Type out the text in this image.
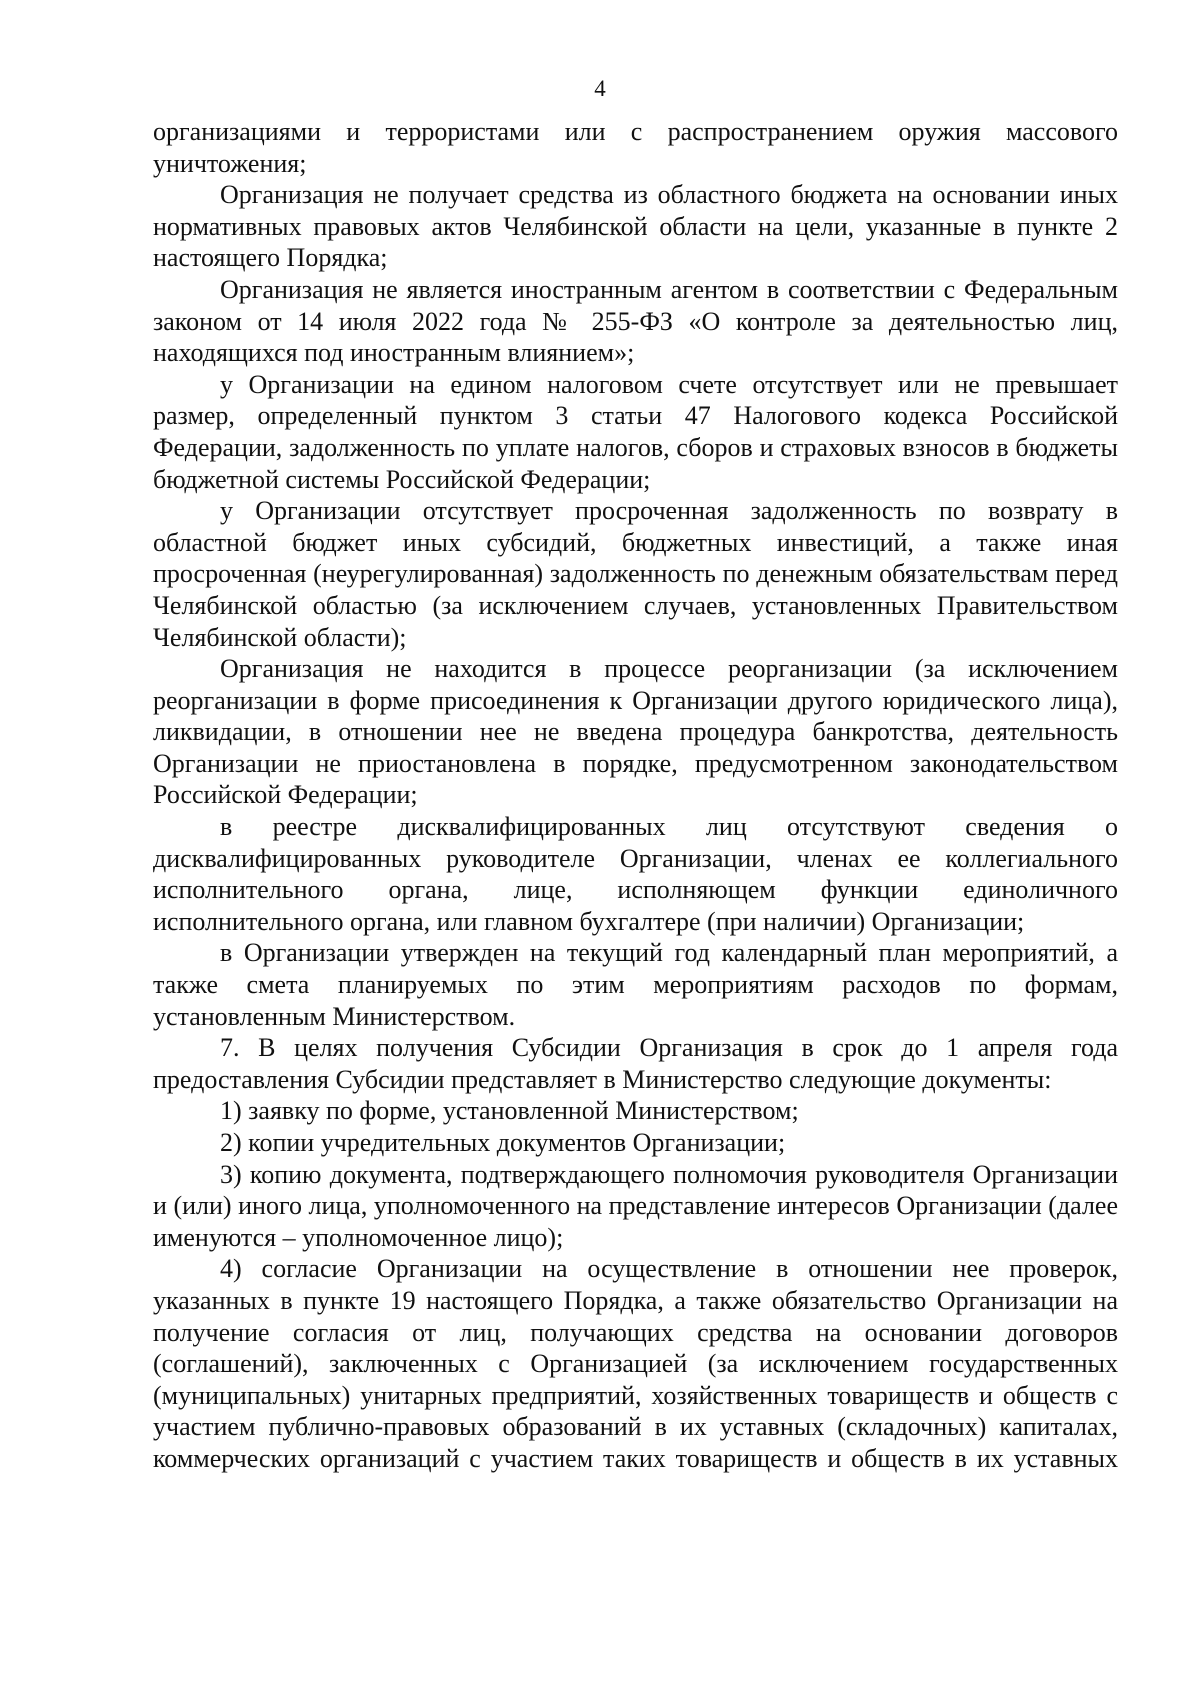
4

организациями и террористами или с распространением оружия массового уничтожения;

Организация не получает средства из областного бюджета на основании иных нормативных правовых актов Челябинской области на цели, указанные в пункте 2 настоящего Порядка;

Организация не является иностранным агентом в соответствии с Федеральным законом от 14 июля 2022 года № 255-ФЗ «О контроле за деятельностью лиц, находящихся под иностранным влиянием»;

у Организации на едином налоговом счете отсутствует или не превышает размер, определенный пунктом 3 статьи 47 Налогового кодекса Российской Федерации, задолженность по уплате налогов, сборов и страховых взносов в бюджеты бюджетной системы Российской Федерации;

у Организации отсутствует просроченная задолженность по возврату в областной бюджет иных субсидий, бюджетных инвестиций, а также иная просроченная (неурегулированная) задолженность по денежным обязательствам перед Челябинской областью (за исключением случаев, установленных Правительством Челябинской области);

Организация не находится в процессе реорганизации (за исключением реорганизации в форме присоединения к Организации другого юридического лица), ликвидации, в отношении нее не введена процедура банкротства, деятельность Организации не приостановлена в порядке, предусмотренном законодательством Российской Федерации;

в реестре дисквалифицированных лиц отсутствуют сведения о дисквалифицированных руководителе Организации, членах ее коллегиального исполнительного органа, лице, исполняющем функции единоличного исполнительного органа, или главном бухгалтере (при наличии) Организации;

в Организации утвержден на текущий год календарный план мероприятий, а также смета планируемых по этим мероприятиям расходов по формам, установленным Министерством.

7. В целях получения Субсидии Организация в срок до 1 апреля года предоставления Субсидии представляет в Министерство следующие документы:

1) заявку по форме, установленной Министерством;

2) копии учредительных документов Организации;

3) копию документа, подтверждающего полномочия руководителя Организации и (или) иного лица, уполномоченного на представление интересов Организации (далее именуются – уполномоченное лицо);

4) согласие Организации на осуществление в отношении нее проверок, указанных в пункте 19 настоящего Порядка, а также обязательство Организации на получение согласия от лиц, получающих средства на основании договоров (соглашений), заключенных с Организацией (за исключением государственных (муниципальных) унитарных предприятий, хозяйственных товариществ и обществ с участием публично-правовых образований в их уставных (складочных) капиталах, коммерческих организаций с участием таких товариществ и обществ в их уставных
